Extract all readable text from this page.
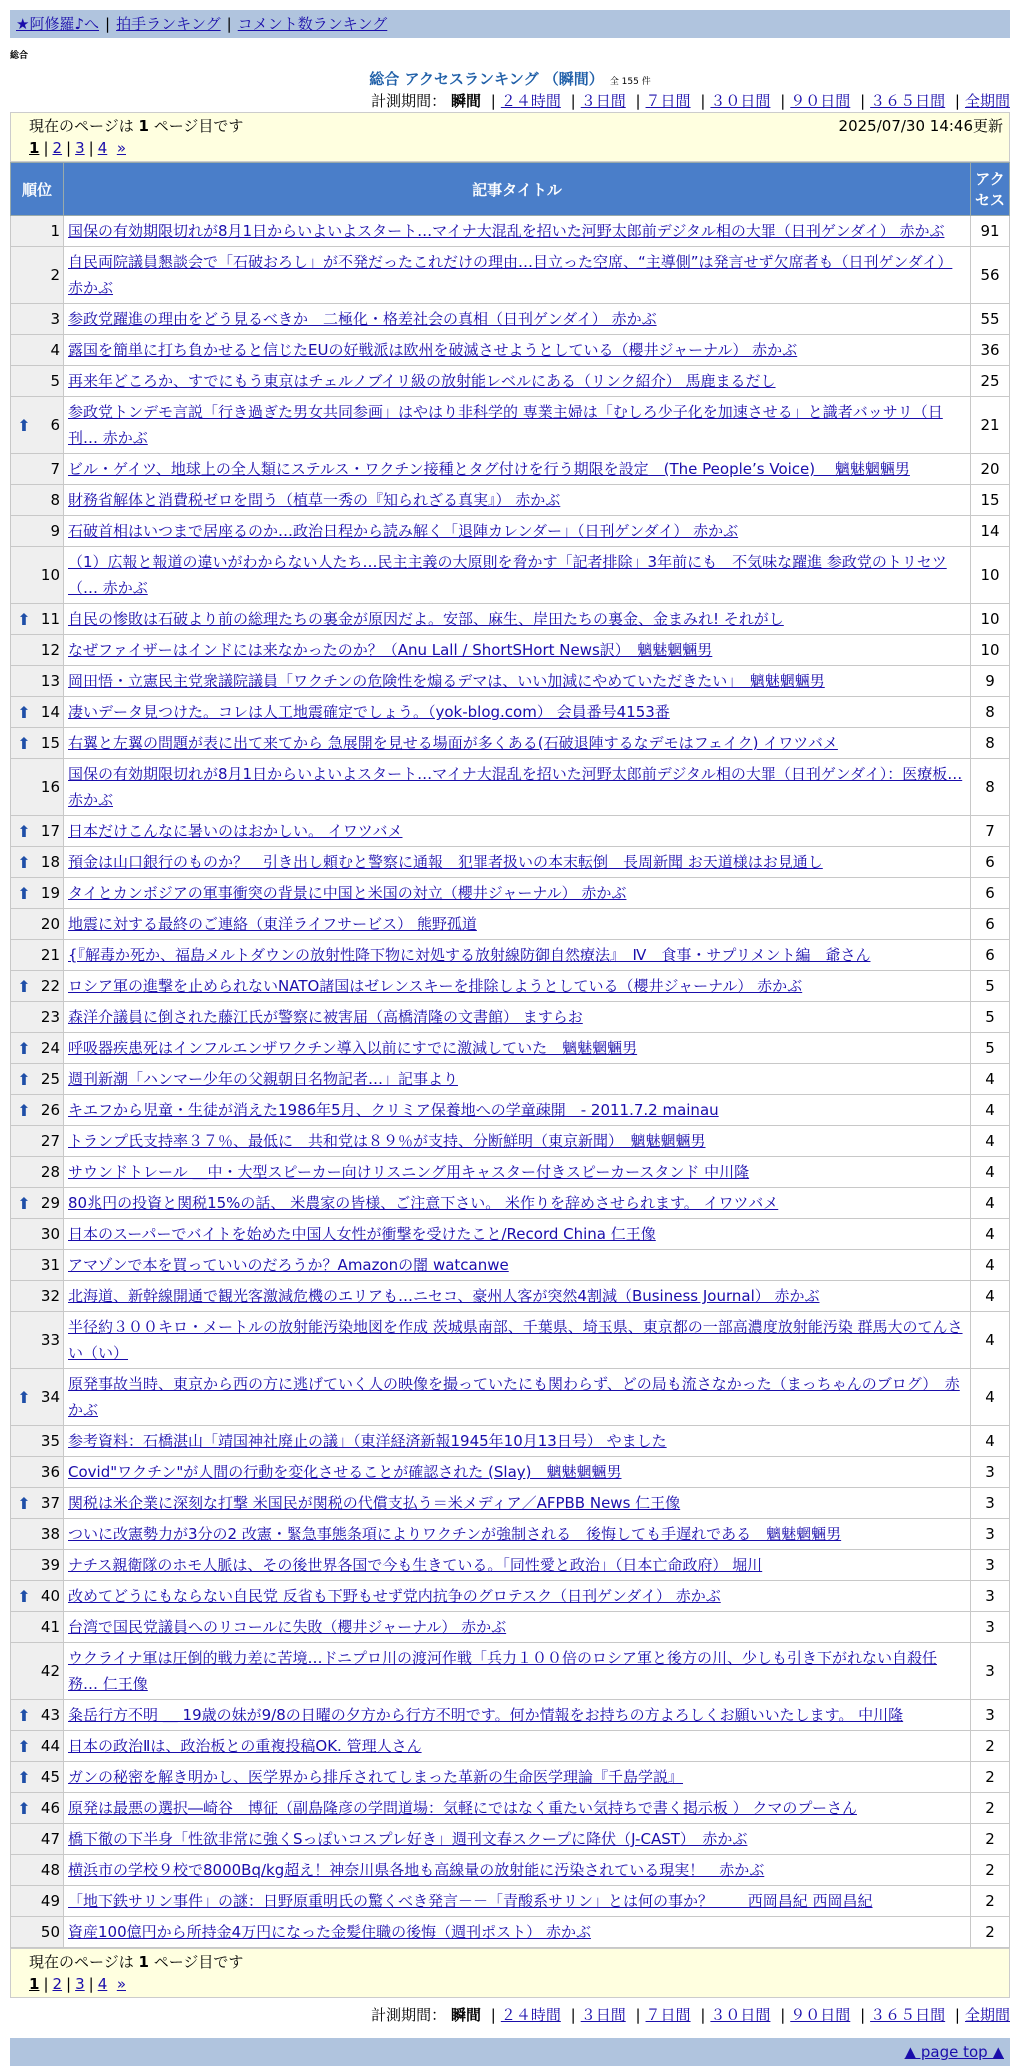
★阿修羅♪へ | 拍手ランキング | コメント数ランキング
総合
総合 アクセスランキング （瞬間） 全 155 件
計測期間： 瞬間 | ２４時間 | ３日間 | ７日間 | ３０日間 | ９０日間 | ３６５日間 | 全期間
現在のページは 1 ページ目です	2025/07/30 14:46更新
1 | 2 | 3 | 4 »
順位		記事タイトル	アクセス
	1	国保の有効期限切れが8月1日からいよいよスタート…マイナ大混乱を招いた河野太郎前デジタル相の大罪（日刊ゲンダイ） 赤かぶ	91
	2	自民両院議員懇談会で「石破おろし」が不発だったこれだけの理由…目立った空席、“主導側”は発言せず欠席者も（日刊ゲンダイ） 赤かぶ	56
	3	参政党躍進の理由をどう見るべきか　二極化・格差社会の真相（日刊ゲンダイ） 赤かぶ	55
	4	露国を簡単に打ち負かせると信じたEUの好戦派は欧州を破滅させようとしている（櫻井ジャーナル） 赤かぶ	36
	5	再来年どころか、すでにもう東京はチェルノブイリ級の放射能レベルにある（リンク紹介） 馬鹿まるだし	25
⬆	6	参政党トンデモ言説「行き過ぎた男女共同参画」はやはり非科学的 専業主婦は「むしろ少子化を加速させる」と識者バッサリ（日刊… 赤かぶ	21
	7	ビル・ゲイツ、地球上の全人類にステルス・ワクチン接種とタグ付けを行う期限を設定　(The People’s Voice)　 魑魅魍魎男	20
	8	財務省解体と消費税ゼロを問う（植草一秀の『知られざる真実』） 赤かぶ	15
	9	石破首相はいつまで居座るのか…政治日程から読み解く「退陣カレンダー」（日刊ゲンダイ） 赤かぶ	14
	10	（1）広報と報道の違いがわからない人たち…民主主義の大原則を脅かす「記者排除」3年前にも　不気味な躍進 参政党のトリセツ（… 赤かぶ	10
⬆	11	自民の惨敗は石破より前の総理たちの裏金が原因だよ。安部、麻生、岸田たちの裏金、金まみれ! それがし	10
	12	なぜファイザーはインドには来なかったのか？（Anu Lall / ShortSHort News訳）　魑魅魍魎男	10
	13	岡田悟・立憲民主党衆議院議員「ワクチンの危険性を煽るデマは、いい加減にやめていただきたい」　魑魅魍魎男	9
⬆	14	凄いデータ見つけた。コレは人工地震確定でしょう。（yok-blog.com） 会員番号4153番	8
⬆	15	右翼と左翼の問題が表に出て来てから 急展開を見せる場面が多くある(石破退陣するなデモはフェイク) イワツバメ	8
	16	国保の有効期限切れが8月1日からいよいよスタート…マイナ大混乱を招いた河野太郎前デジタル相の大罪（日刊ゲンダイ）：医療板… 赤かぶ	8
⬆	17	日本だけこんなに暑いのはおかしい。 イワツバメ	7
⬆	18	預金は山口銀行のものか？　引き出し頼むと警察に通報　犯罪者扱いの本末転倒　長周新聞 お天道様はお見通し	6
⬆	19	タイとカンボジアの軍事衝突の背景に中国と米国の対立（櫻井ジャーナル） 赤かぶ	6
	20	地震に対する最終のご連絡（東洋ライフサービス） 熊野孤道	6
	21	{『解毒か死か、福島メルトダウンの放射性降下物に対処する放射線防御自然療法』　Ⅳ　食事・サプリメント編　爺さん	6
⬆	22	ロシア軍の進撃を止められないNATO諸国はゼレンスキーを排除しようとしている（櫻井ジャーナル） 赤かぶ	5
	23	森洋介議員に倒された藤江氏が警察に被害届（高橋清隆の文書館） ますらお	5
⬆	24	呼吸器疾患死はインフルエンザワクチン導入以前にすでに激減していた　魑魅魍魎男	5
⬆	25	週刊新潮「ハンマー少年の父親朝日名物記者…」記事より	4
⬆	26	キエフから児童・生徒が消えた1986年5月、クリミア保養地への学童疎開　- 2011.7.2 mainau	4
	27	トランプ氏支持率３７％、最低に　共和党は８９％が支持、分断鮮明（東京新聞）　魑魅魍魎男	4
	28	サウンドトレール ＿中・大型スピーカー向けリスニング用キャスター付きスピーカースタンド 中川隆	4
⬆	29	80兆円の投資と関税15%の話、 米農家の皆様、ご注意下さい。 米作りを辞めさせられます。 イワツバメ	4
	30	日本のスーパーでバイトを始めた中国人女性が衝撃を受けたこと/Record China 仁王像	4
	31	アマゾンで本を買っていいのだろうか？Amazonの闇 watcanwe	4
	32	北海道、新幹線開通で観光客激減危機のエリアも…ニセコ、豪州人客が突然4割減（Business Journal） 赤かぶ	4
	33	半径約３００キロ・メートルの放射能汚染地図を作成 茨城県南部、千葉県、埼玉県、東京都の一部高濃度放射能汚染 群馬大のてんさい（い）	4
⬆	34	原発事故当時、東京から西の方に逃げていく人の映像を撮っていたにも関わらず、どの局も流さなかった（まっちゃんのブログ）　赤かぶ	4
	35	参考資料：石橋湛山「靖国神社廃止の議」（東洋経済新報1945年10月13日号） やました	4
	36	Covid"ワクチン"が人間の行動を変化させることが確認された (Slay)　魑魅魍魎男	3
⬆	37	関税は米企業に深刻な打撃 米国民が関税の代償支払う＝米メディア／AFPBB News 仁王像	3
	38	ついに改憲勢力が3分の2 改憲・緊急事態条項によりワクチンが強制される　後悔しても手遅れである　魑魅魍魎男	3
	39	ナチス親衛隊のホモ人脈は、その後世界各国で今も生きている。「同性愛と政治」（日本亡命政府） 堀川	3
⬆	40	改めてどうにもならない自民党 反省も下野もせず党内抗争のグロテスク（日刊ゲンダイ） 赤かぶ	3
	41	台湾で国民党議員へのリコールに失敗（櫻井ジャーナル） 赤かぶ	3
	42	ウクライナ軍は圧倒的戦力差に苦境…ドニプロ川の渡河作戦「兵力１００倍のロシア軍と後方の川、少しも引き下がれない自殺任務… 仁王像	3
⬆	43	粂岳行方不明 ＿ 19歳の妹が9/8の日曜の夕方から行方不明です。何か情報をお持ちの方よろしくお願いいたします。 中川隆	3
⬆	44	日本の政治Ⅱは、政治板との重複投稿OK. 管理人さん	2
⬆	45	ガンの秘密を解き明かし、医学界から排斥されてしまった革新の生命医学理論『千島学説』	2
⬆	46	原発は最悪の選択―崎谷　博征（副島隆彦の学問道場：気軽にではなく重たい気持ちで書く掲示板 ） クマのプーさん	2
	47	橋下徹の下半身「性欲非常に強くSっぽいコスプレ好き」週刊文春スクープに降伏（J-CAST）　赤かぶ	2
	48	横浜市の学校９校で8000Bq/kg超え！神奈川県各地も高線量の放射能に汚染されている現実！　赤かぶ	2
	49	「地下鉄サリン事件」の謎：日野原重明氏の驚くべき発言－－「青酸系サリン」とは何の事か？　　 西岡昌紀 西岡昌紀	2
	50	資産100億円から所持金4万円になった金髪住職の後悔（週刊ポスト） 赤かぶ	2
現在のページは 1 ページ目です
1 | 2 | 3 | 4 »
計測期間： 瞬間 | ２４時間 | ３日間 | ７日間 | ３０日間 | ９０日間 | ３６５日間 | 全期間
▲ page top ▲
